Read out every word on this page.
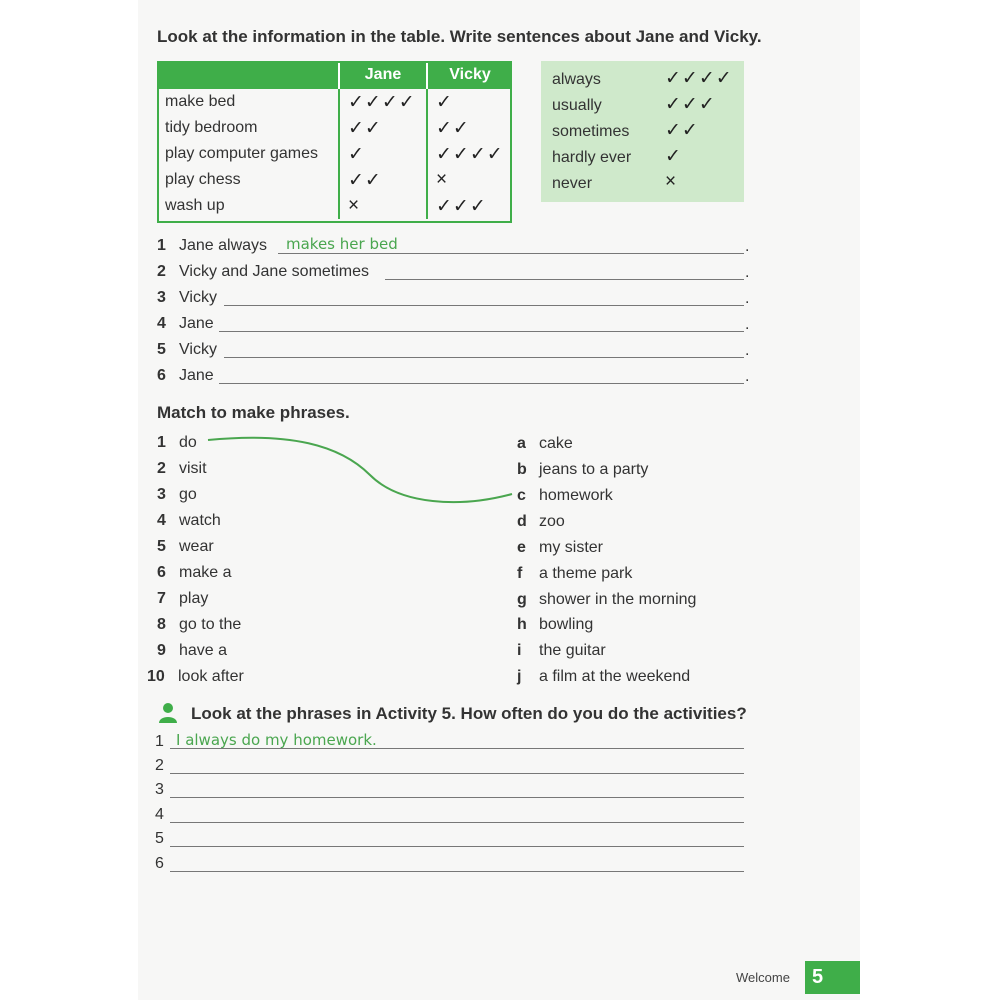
Look at the information in the table. Write sentences about Jane and Vicky.
	Jane	Vicky
make bed	✓✓✓✓	✓
tidy bedroom	✓✓	✓✓
play computer games	✓	✓✓✓✓
play chess	✓✓	×
wash up	×	✓✓✓
always	✓✓✓✓
usually	✓✓✓
sometimes ✓✓
hardly ever ✓
never	×
1 Jane always makes her bed	.
2 Vicky and Jane sometimes	.
3 Vicky	.
4 Jane	.
5 Vicky	.
6 Jane	.
Match to make phrases.
1 do
2 visit
3 go
4 watch
5 wear
6 make a
7 play
8 go to the
9 have a
10 look after
a cake
b jeans to a party
c homework
d zoo
e my sister
f a theme park
g shower in the morning
h bowling
i the guitar
j a film at the weekend
Look at the phrases in Activity 5. How often do you do the activities?
1 I always do my homework.
2
3
4
5
6
Welcome	5
